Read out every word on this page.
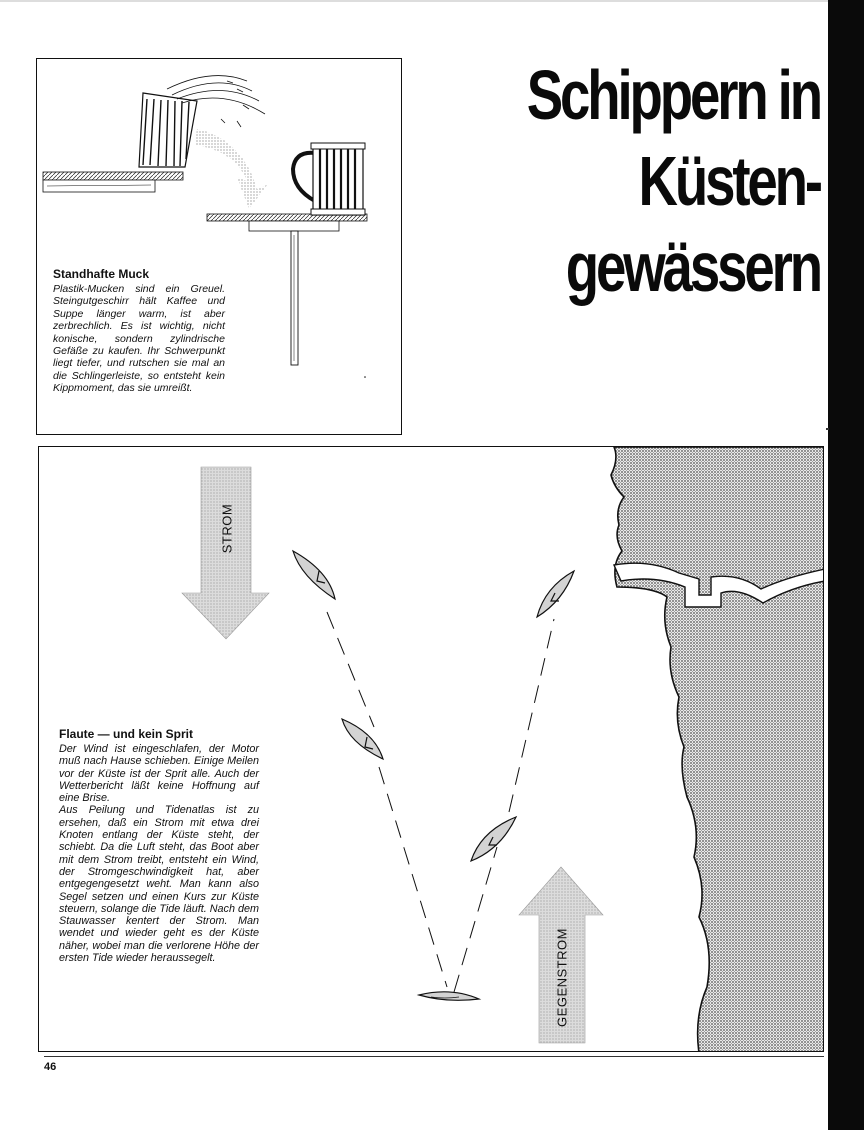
Schippern in
Küsten-
gewässern

Standhafte Muck

Plastik-Mucken sind ein Greuel. Steingutgeschirr hält Kaffee und Suppe länger warm, ist aber zerbrechlich. Es ist wichtig, nicht konische, sondern zylindrische Gefäße zu kaufen. Ihr Schwerpunkt liegt tiefer, und rutschen sie mal an die Schlingerleiste, so entsteht kein Kippmoment, das sie umreißt.

STROM
GEGENSTROM

Flaute — und kein Sprit

Der Wind ist eingeschlafen, der Motor muß nach Hause schieben. Einige Meilen vor der Küste ist der Sprit alle. Auch der Wetterbericht läßt keine Hoffnung auf eine Brise.

Aus Peilung und Tidenatlas ist zu ersehen, daß ein Strom mit etwa drei Knoten entlang der Küste steht, der schiebt. Da die Luft steht, das Boot aber mit dem Strom treibt, entsteht ein Wind, der Stromgeschwindigkeit hat, aber entgegengesetzt weht. Man kann also Segel setzen und einen Kurs zur Küste steuern, solange die Tide läuft. Nach dem Stauwasser kentert der Strom. Man wendet und wieder geht es der Küste näher, wobei man die verlorene Höhe der ersten Tide wieder heraussegelt.

46
